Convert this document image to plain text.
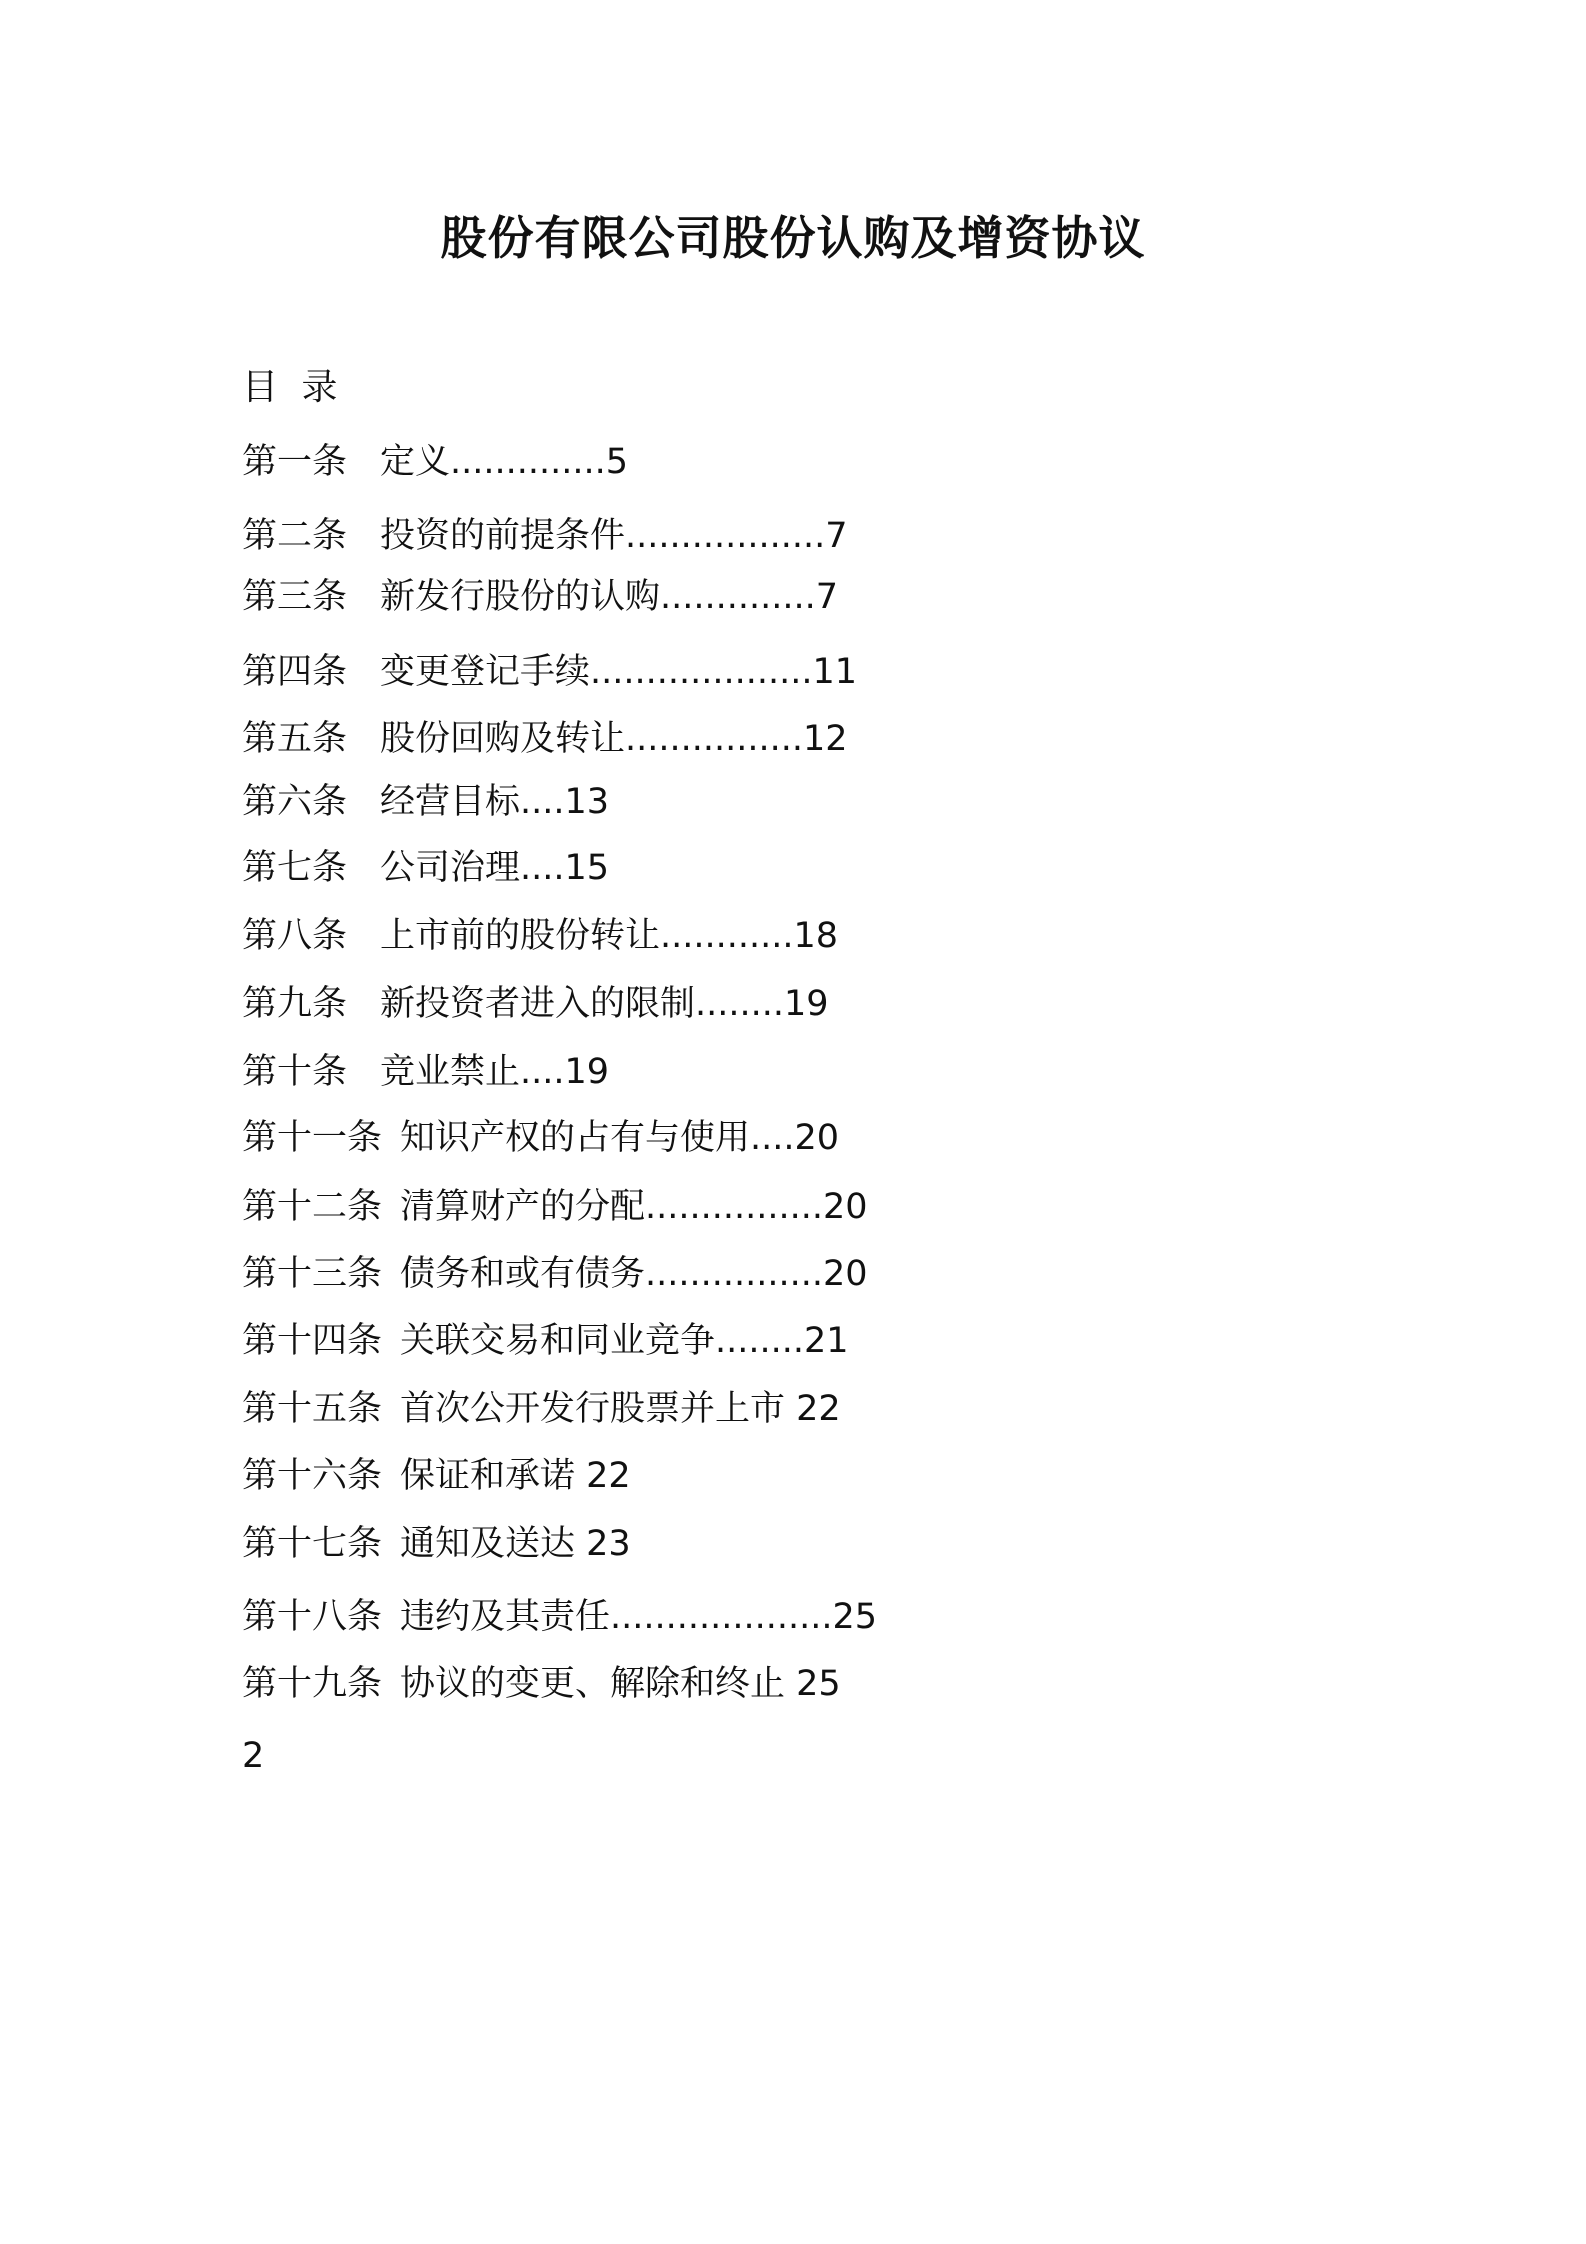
股份有限公司股份认购及增资协议
目 录
第一条 定义..............5
第二条 投资的前提条件..................7
第三条 新发行股份的认购..............7
第四条 变更登记手续....................11
第五条 股份回购及转让................12
第六条 经营目标....13
第七条 公司治理....15
第八条 上市前的股份转让............18
第九条 新投资者进入的限制........19
第十条 竞业禁止....19
第十一条 知识产权的占有与使用....20
第十二条 清算财产的分配................20
第十三条 债务和或有债务................20
第十四条 关联交易和同业竞争........21
第十五条 首次公开发行股票并上市 22
第十六条 保证和承诺 22
第十七条 通知及送达 23
第十八条 违约及其责任....................25
第十九条 协议的变更、解除和终止 25
2
